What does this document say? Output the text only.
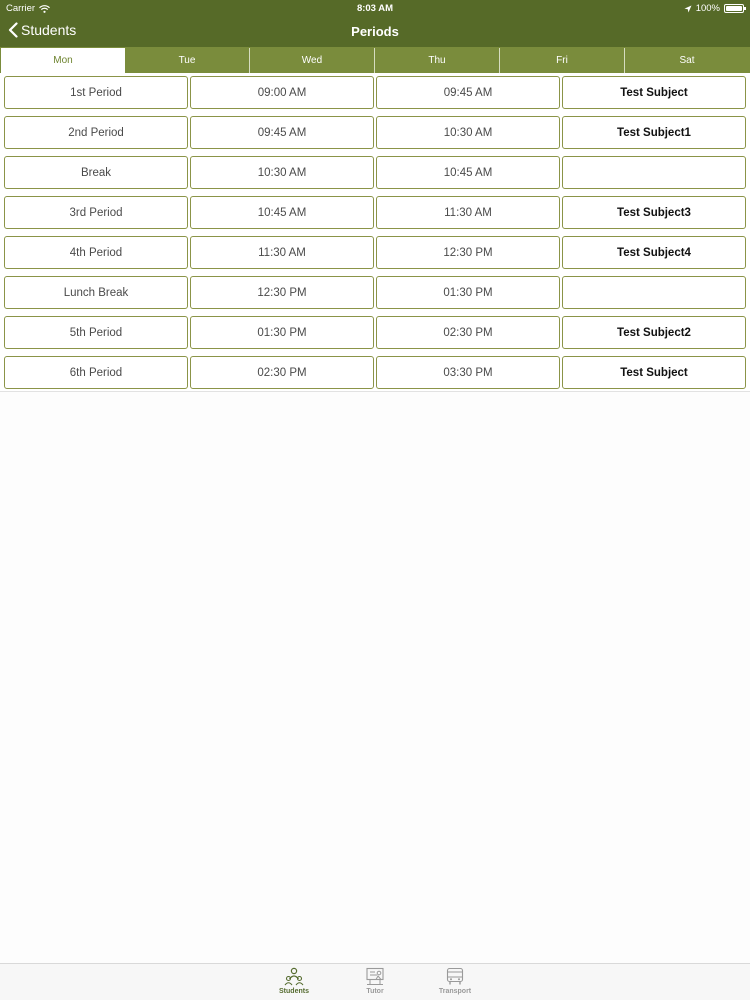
Carrier	8:03 AM	100%
Students	Periods
Mon	Tue	Wed	Thu	Fri	Sat
1st Period	09:00 AM	09:45 AM	Test Subject
2nd Period	09:45 AM	10:30 AM	Test Subject1
Break	10:30 AM	10:45 AM
3rd Period	10:45 AM	11:30 AM	Test Subject3
4th Period	11:30 AM	12:30 PM	Test Subject4
Lunch Break	12:30 PM	01:30 PM
5th Period	01:30 PM	02:30 PM	Test Subject2
6th Period	02:30 PM	03:30 PM	Test Subject
Students	Tutor	Transport
